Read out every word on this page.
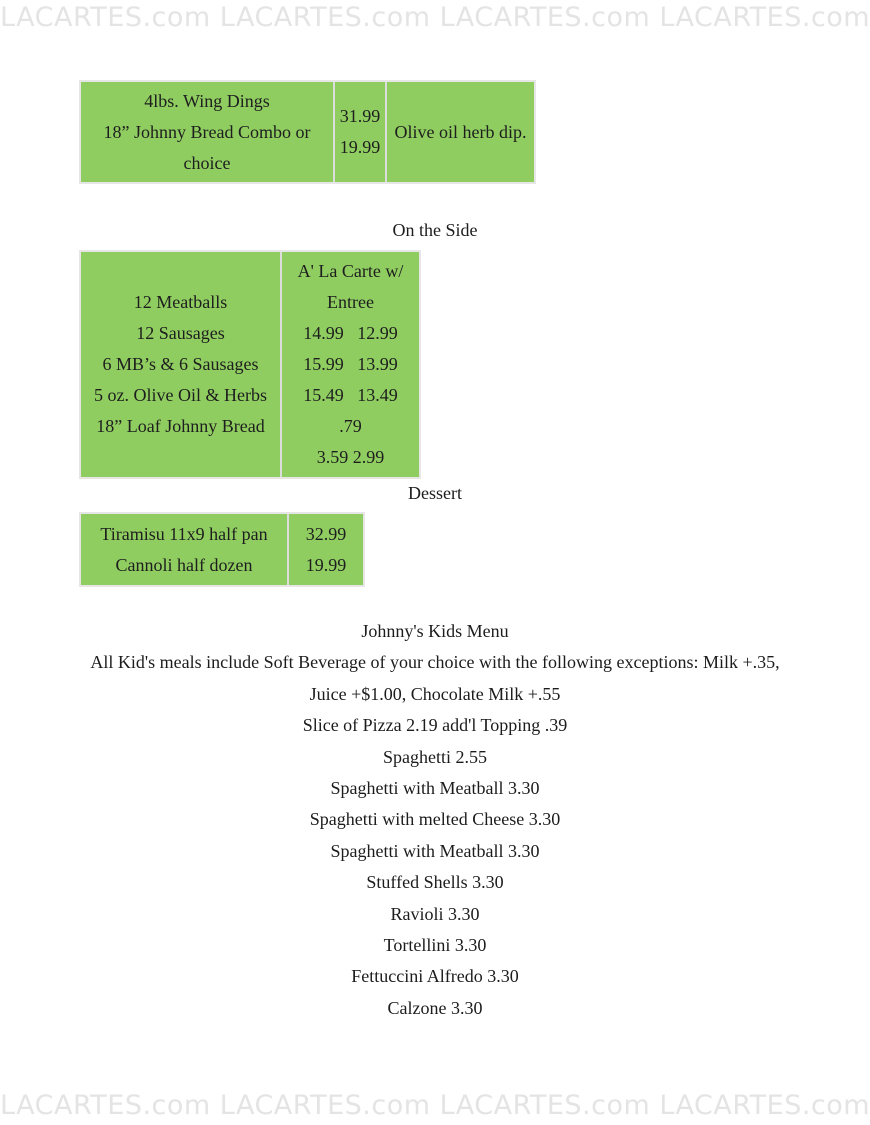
LACARTES.com LACARTES.com LACARTES.com LACARTES.com
4lbs. Wing Dings
18” Johnny Bread Combo or
choice
31.99
19.99
Olive oil herb dip.
On the Side
12 Meatballs
12 Sausages
6 MB’s & 6 Sausages
5 oz. Olive Oil & Herbs
18” Loaf Johnny Bread
A' La Carte w/
Entree
14.99   12.99
15.99   13.99
15.49   13.49
.79
3.59 2.99
Dessert
Tiramisu 11x9 half pan
Cannoli half dozen
32.99
19.99
Johnny's Kids Menu
All Kid's meals include Soft Beverage of your choice with the following exceptions: Milk +.35,
Juice +$1.00, Chocolate Milk +.55
Slice of Pizza 2.19 add'l Topping .39
Spaghetti 2.55
Spaghetti with Meatball 3.30
Spaghetti with melted Cheese 3.30
Spaghetti with Meatball 3.30
Stuffed Shells 3.30
Ravioli 3.30
Tortellini 3.30
Fettuccini Alfredo 3.30
Calzone 3.30
LACARTES.com LACARTES.com LACARTES.com LACARTES.com
